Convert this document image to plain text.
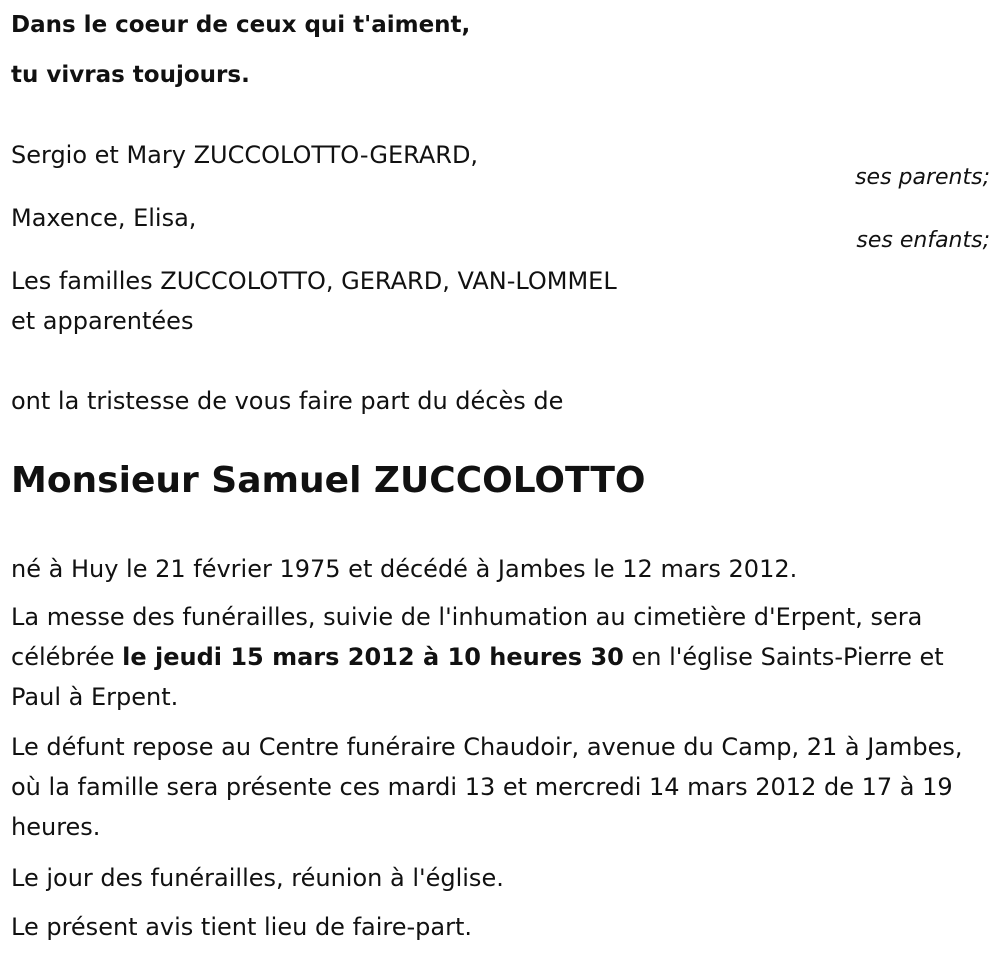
Dans le coeur de ceux qui t'aiment,
tu vivras toujours.
Sergio et Mary ZUCCOLOTTO-GERARD,
ses parents;
Maxence, Elisa,
ses enfants;
Les familles ZUCCOLOTTO, GERARD, VAN-LOMMEL
et apparentées
ont la tristesse de vous faire part du décès de
Monsieur Samuel ZUCCOLOTTO
né à Huy le 21 février 1975 et décédé à Jambes le 12 mars 2012.
La messe des funérailles, suivie de l'inhumation au cimetière d'Erpent, sera célébrée le jeudi 15 mars 2012 à 10 heures 30 en l'église Saints-Pierre et Paul à Erpent.
Le défunt repose au Centre funéraire Chaudoir, avenue du Camp, 21 à Jambes, où la famille sera présente ces mardi 13 et mercredi 14 mars 2012 de 17 à 19 heures.
Le jour des funérailles, réunion à l'église.
Le présent avis tient lieu de faire-part.
